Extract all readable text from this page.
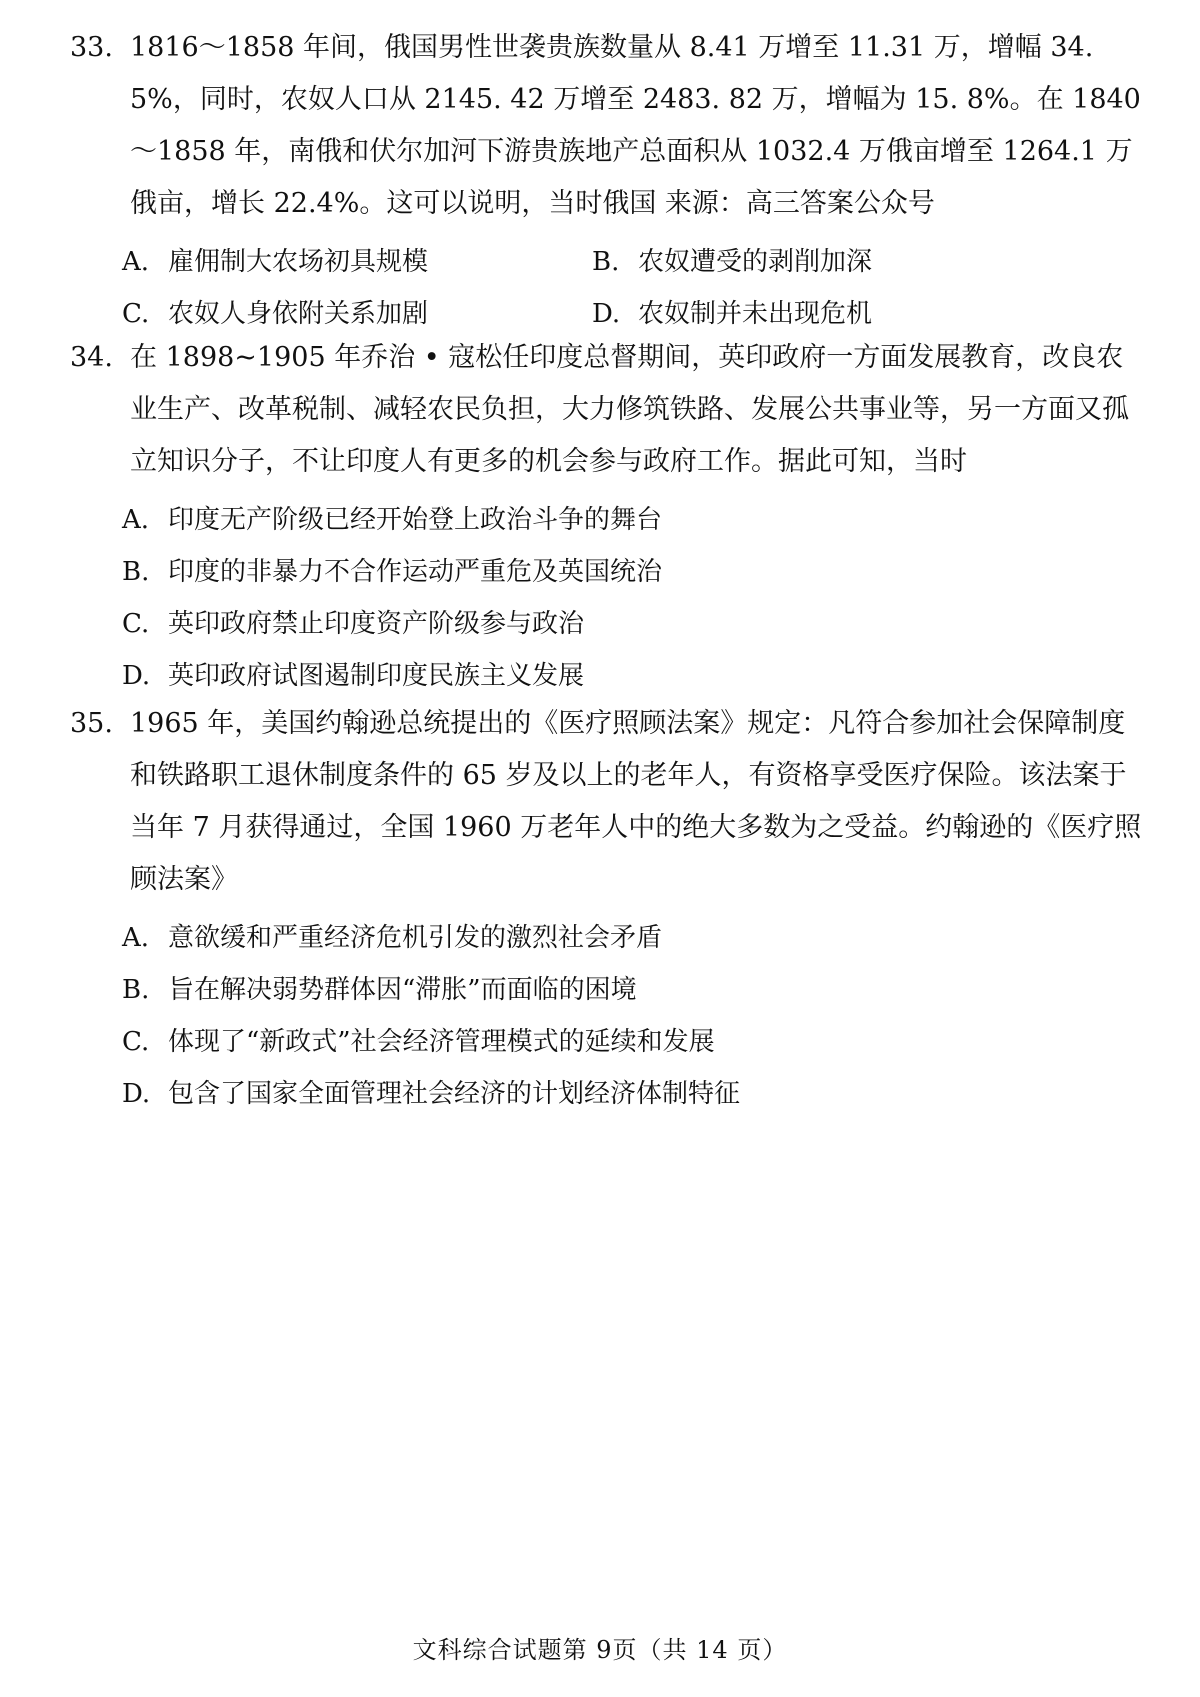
33. 1816～1858 年间，俄国男性世袭贵族数量从 8.41 万增至 11.31 万，增幅 34. 5%，同时，农奴人口从 2145. 42 万增至 2483. 82 万，增幅为 15. 8%。在 1840～1858 年，南俄和伏尔加河下游贵族地产总面积从 1032.4 万俄亩增至 1264.1 万俄亩，增长 22.4%。这可以说明，当时俄国 来源：高三答案公众号

A. 雇佣制大农场初具规模	B. 农奴遭受的剥削加深
C. 农奴人身依附关系加剧	D. 农奴制并未出现危机

34. 在 1898~1905 年乔治 • 寇松任印度总督期间，英印政府一方面发展教育，改良农业生产、改革税制、减轻农民负担，大力修筑铁路、发展公共事业等，另一方面又孤立知识分子，不让印度人有更多的机会参与政府工作。据此可知，当时

A. 印度无产阶级已经开始登上政治斗争的舞台
B. 印度的非暴力不合作运动严重危及英国统治
C. 英印政府禁止印度资产阶级参与政治
D. 英印政府试图遏制印度民族主义发展

35. 1965 年，美国约翰逊总统提出的《医疗照顾法案》规定：凡符合参加社会保障制度和铁路职工退休制度条件的 65 岁及以上的老年人，有资格享受医疗保险。该法案于当年 7 月获得通过，全国 1960 万老年人中的绝大多数为之受益。约翰逊的《医疗照顾法案》

A. 意欲缓和严重经济危机引发的激烈社会矛盾
B. 旨在解决弱势群体因“滞胀”而面临的困境
C. 体现了“新政式”社会经济管理模式的延续和发展
D. 包含了国家全面管理社会经济的计划经济体制特征
文科综合试题第 9页（共 14 页）
